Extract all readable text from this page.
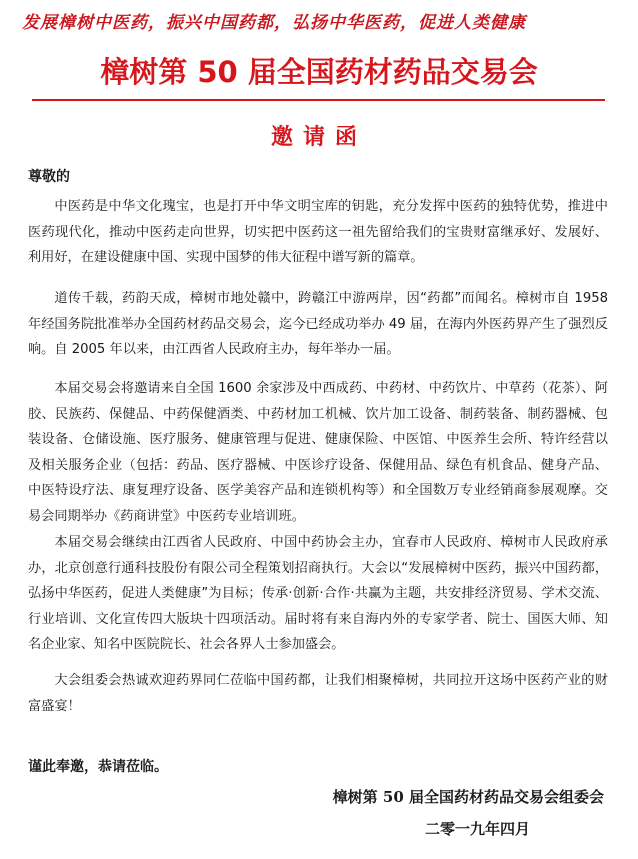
发展樟树中医药，振兴中国药都，弘扬中华医药，促进人类健康
樟树第 50 届全国药材药品交易会
邀请函
尊敬的

中医药是中华文化瑰宝，也是打开中华文明宝库的钥匙，充分发挥中医药的独特优势，推进中医药现代化，推动中医药走向世界，切实把中医药这一祖先留给我们的宝贵财富继承好、发展好、利用好，在建设健康中国、实现中国梦的伟大征程中谱写新的篇章。

道传千载，药韵天成，樟树市地处赣中，跨赣江中游两岸，因“药都”而闻名。樟树市自 1958 年经国务院批准举办全国药材药品交易会，迄今已经成功举办 49 届，在海内外医药界产生了强烈反响。自 2005 年以来，由江西省人民政府主办，每年举办一届。

本届交易会将邀请来自全国 1600 余家涉及中西成药、中药材、中药饮片、中草药（花茶）、阿胶、民族药、保健品、中药保健酒类、中药材加工机械、饮片加工设备、制药装备、制药器械、包装设备、仓储设施、医疗服务、健康管理与促进、健康保险、中医馆、中医养生会所、特许经营以及相关服务企业（包括：药品、医疗器械、中医诊疗设备、保健用品、绿色有机食品、健身产品、中医特设疗法、康复理疗设备、医学美容产品和连锁机构等）和全国数万专业经销商参展观摩。交易会同期举办《药商讲堂》中医药专业培训班。

本届交易会继续由江西省人民政府、中国中药协会主办，宜春市人民政府、樟树市人民政府承办，北京创意行通科技股份有限公司全程策划招商执行。大会以“发展樟树中医药，振兴中国药都，弘扬中华医药，促进人类健康”为目标；传承·创新·合作·共赢为主题，共安排经济贸易、学术交流、行业培训、文化宣传四大版块十四项活动。届时将有来自海内外的专家学者、院士、国医大师、知名企业家、知名中医院院长、社会各界人士参加盛会。

大会组委会热诚欢迎药界同仁莅临中国药都，让我们相聚樟树，共同拉开这场中医药产业的财富盛宴！

谨此奉邀，恭请莅临。
樟树第 50 届全国药材药品交易会组委会
二零一九年四月
